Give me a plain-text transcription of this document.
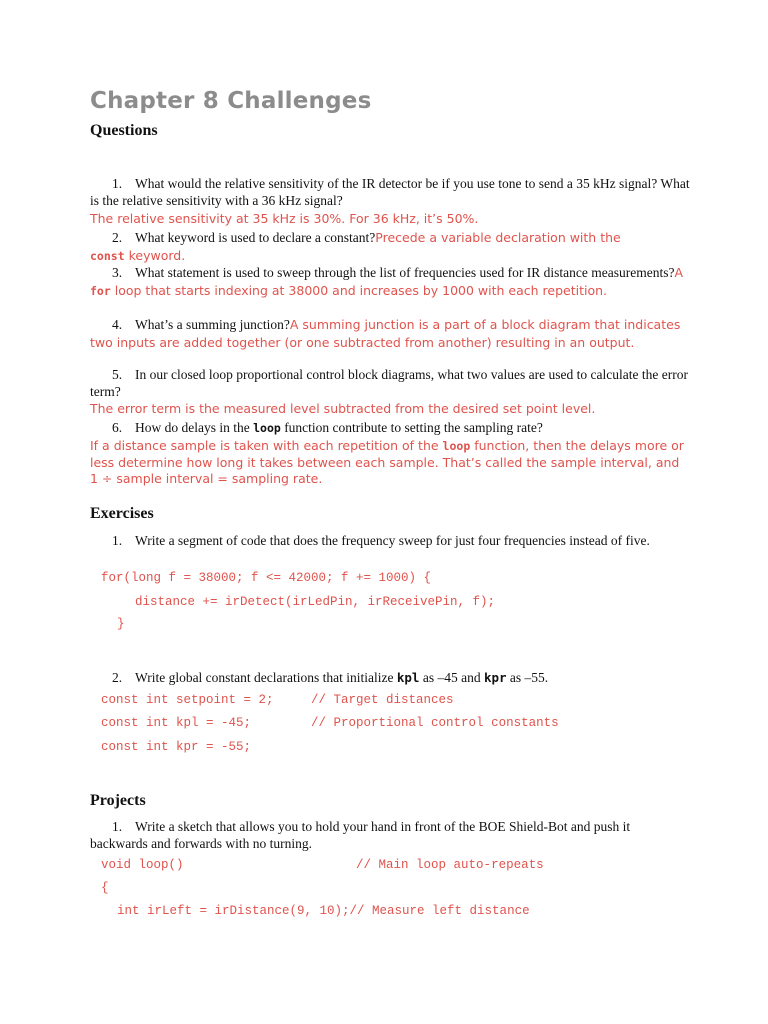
Chapter 8 Challenges
Questions
1. What would the relative sensitivity of the IR detector be if you use tone to send a 35 kHz signal? What is the relative sensitivity with a 36 kHz signal?
The relative sensitivity at 35 kHz is 30%. For 36 kHz, it’s 50%.
2. What keyword is used to declare a constant?Precede a variable declaration with the
const keyword.
3. What statement is used to sweep through the list of frequencies used for IR distance measurements?A for loop that starts indexing at 38000 and increases by 1000 with each repetition.
4. What’s a summing junction?A summing junction is a part of a block diagram that indicates two inputs are added together (or one subtracted from another) resulting in an output.
5. In our closed loop proportional control block diagrams, what two values are used to calculate the error term?
The error term is the measured level subtracted from the desired set point level.
6. How do delays in the loop function contribute to setting the sampling rate?
If a distance sample is taken with each repetition of the loop function, then the delays more or less determine how long it takes between each sample. That’s called the sample interval, and 1 ÷ sample interval = sampling rate.
Exercises
1. Write a segment of code that does the frequency sweep for just four frequencies instead of five.
for(long f = 38000; f <= 42000; f += 1000) {
distance += irDetect(irLedPin, irReceivePin, f);
}
2. Write global constant declarations that initialize kpl as –45 and kpr as –55.
const int setpoint = 2;     // Target distances
const int kpl = -45;        // Proportional control constants
const int kpr = -55;
Projects
1. Write a sketch that allows you to hold your hand in front of the BOE Shield-Bot and push it backwards and forwards with no turning.
void loop()                       // Main loop auto-repeats
{
int irLeft = irDistance(9, 10);// Measure left distance
